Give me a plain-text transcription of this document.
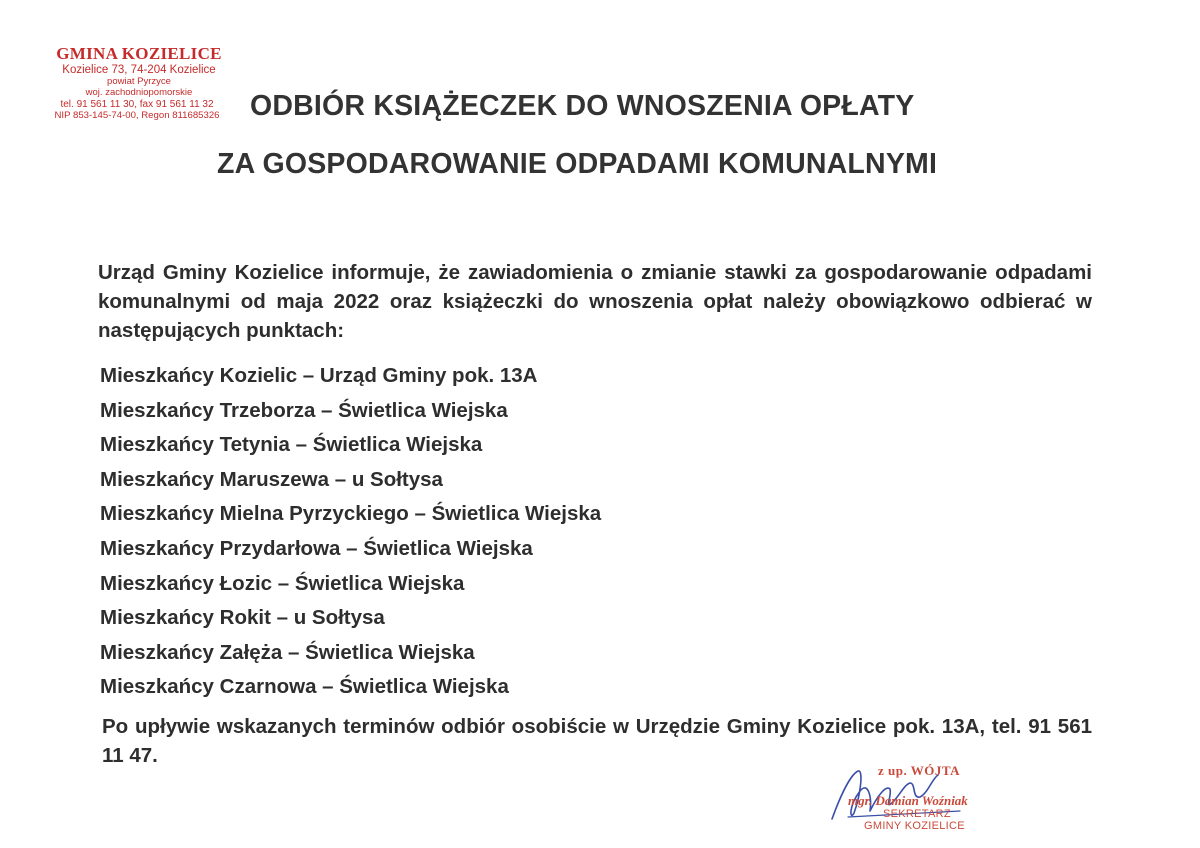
GMINA KOZIELICE
Kozielice 73, 74-204 Kozielice
powiat Pyrzyce
woj. zachodniopomorskie
tel. 91 561 11 30, fax 91 561 11 32
NIP 853-145-74-00, Regon 811685326	ODBIÓR KSIĄŻECZEK DO WNOSZENIA OPŁATY
ZA GOSPODAROWANIE ODPADAMI KOMUNALNYMI
Urząd Gminy Kozielice informuje, że zawiadomienia o zmianie stawki za gospodarowanie odpadami komunalnymi od maja 2022 oraz książeczki do wnoszenia opłat należy obowiązkowo odbierać w następujących punktach:
Mieszkańcy Kozielic – Urząd Gminy pok. 13A
Mieszkańcy Trzeborza – Świetlica Wiejska
Mieszkańcy Tetynia – Świetlica Wiejska
Mieszkańcy Maruszewa – u Sołtysa
Mieszkańcy Mielna Pyrzyckiego – Świetlica Wiejska
Mieszkańcy Przydarłowa – Świetlica Wiejska
Mieszkańcy Łozic – Świetlica Wiejska
Mieszkańcy Rokit – u Sołtysa
Mieszkańcy Załęża – Świetlica Wiejska
Mieszkańcy Czarnowa – Świetlica Wiejska
Po upływie wskazanych terminów odbiór osobiście w Urzędzie Gminy Kozielice pok. 13A, tel. 91 561 11 47.
z up. WÓJTA
mgr. Damian Woźniak
SEKRETARZ
GMINY KOZIELICE
